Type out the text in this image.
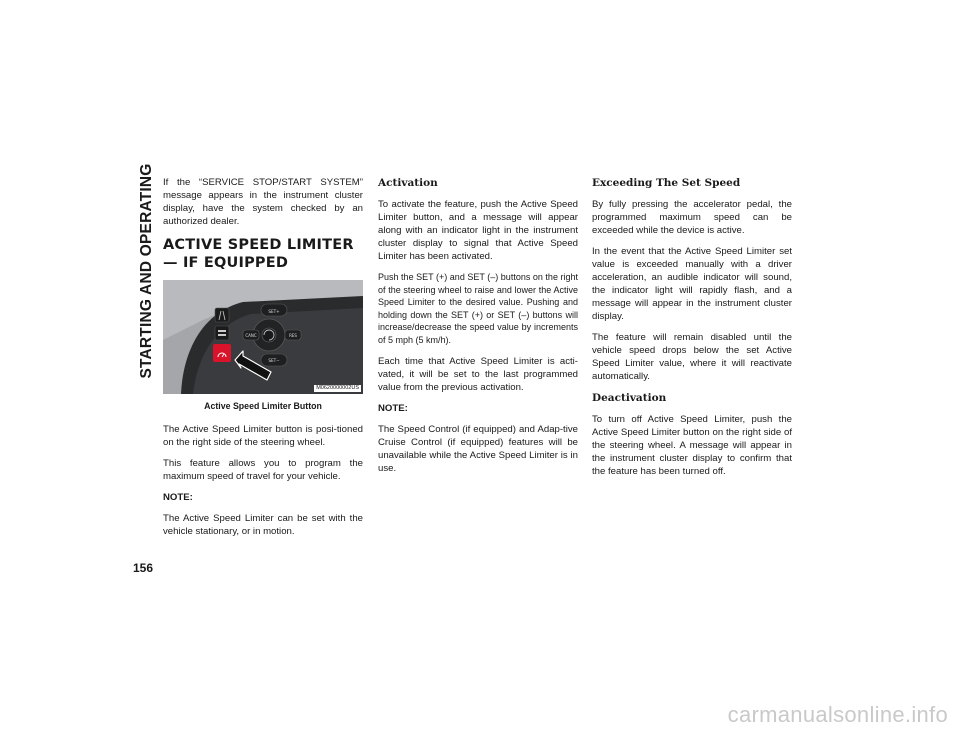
STARTING AND OPERATING
156

If the “SERVICE STOP/START SYSTEM” message appears in the instrument cluster display, have the system checked by an authorized dealer.

ACTIVE SPEED LIMITER — IF EQUIPPED
SET+
CANC	RES
SET−
M0620000002US
Active Speed Limiter Button

The Active Speed Limiter button is posi-tioned on the right side of the steering wheel.

This feature allows you to program the maximum speed of travel for your vehicle.

NOTE:

The Active Speed Limiter can be set with the vehicle stationary, or in motion.

Activation

To activate the feature, push the Active Speed Limiter button, and a message will appear along with an indicator light in the instrument cluster display to signal that Active Speed Limiter has been activated.

Push the SET (+) and SET (–) buttons on the right of the steering wheel to raise and lower the Active Speed Limiter to the desired value. Pushing and holding down the SET (+) or SET (–) buttons will increase/decrease the speed value by increments of 5 mph (5 km/h).

Each time that Active Speed Limiter is acti-vated, it will be set to the last programmed value from the previous activation.

NOTE:

The Speed Control (if equipped) and Adap-tive Cruise Control (if equipped) features will be unavailable while the Active Speed Limiter is in use.

Exceeding The Set Speed

By fully pressing the accelerator pedal, the programmed maximum speed can be exceeded while the device is active.

In the event that the Active Speed Limiter set value is exceeded manually with a driver acceleration, an audible indicator will sound, the indicator light will rapidly flash, and a message will appear in the instrument cluster display.

The feature will remain disabled until the vehicle speed drops below the set Active Speed Limiter value, where it will reactivate automatically.

Deactivation

To turn off Active Speed Limiter, push the Active Speed Limiter button on the right side of the steering wheel. A message will appear in the instrument cluster display to confirm that the feature has been turned off.

carmanualsonline.info
